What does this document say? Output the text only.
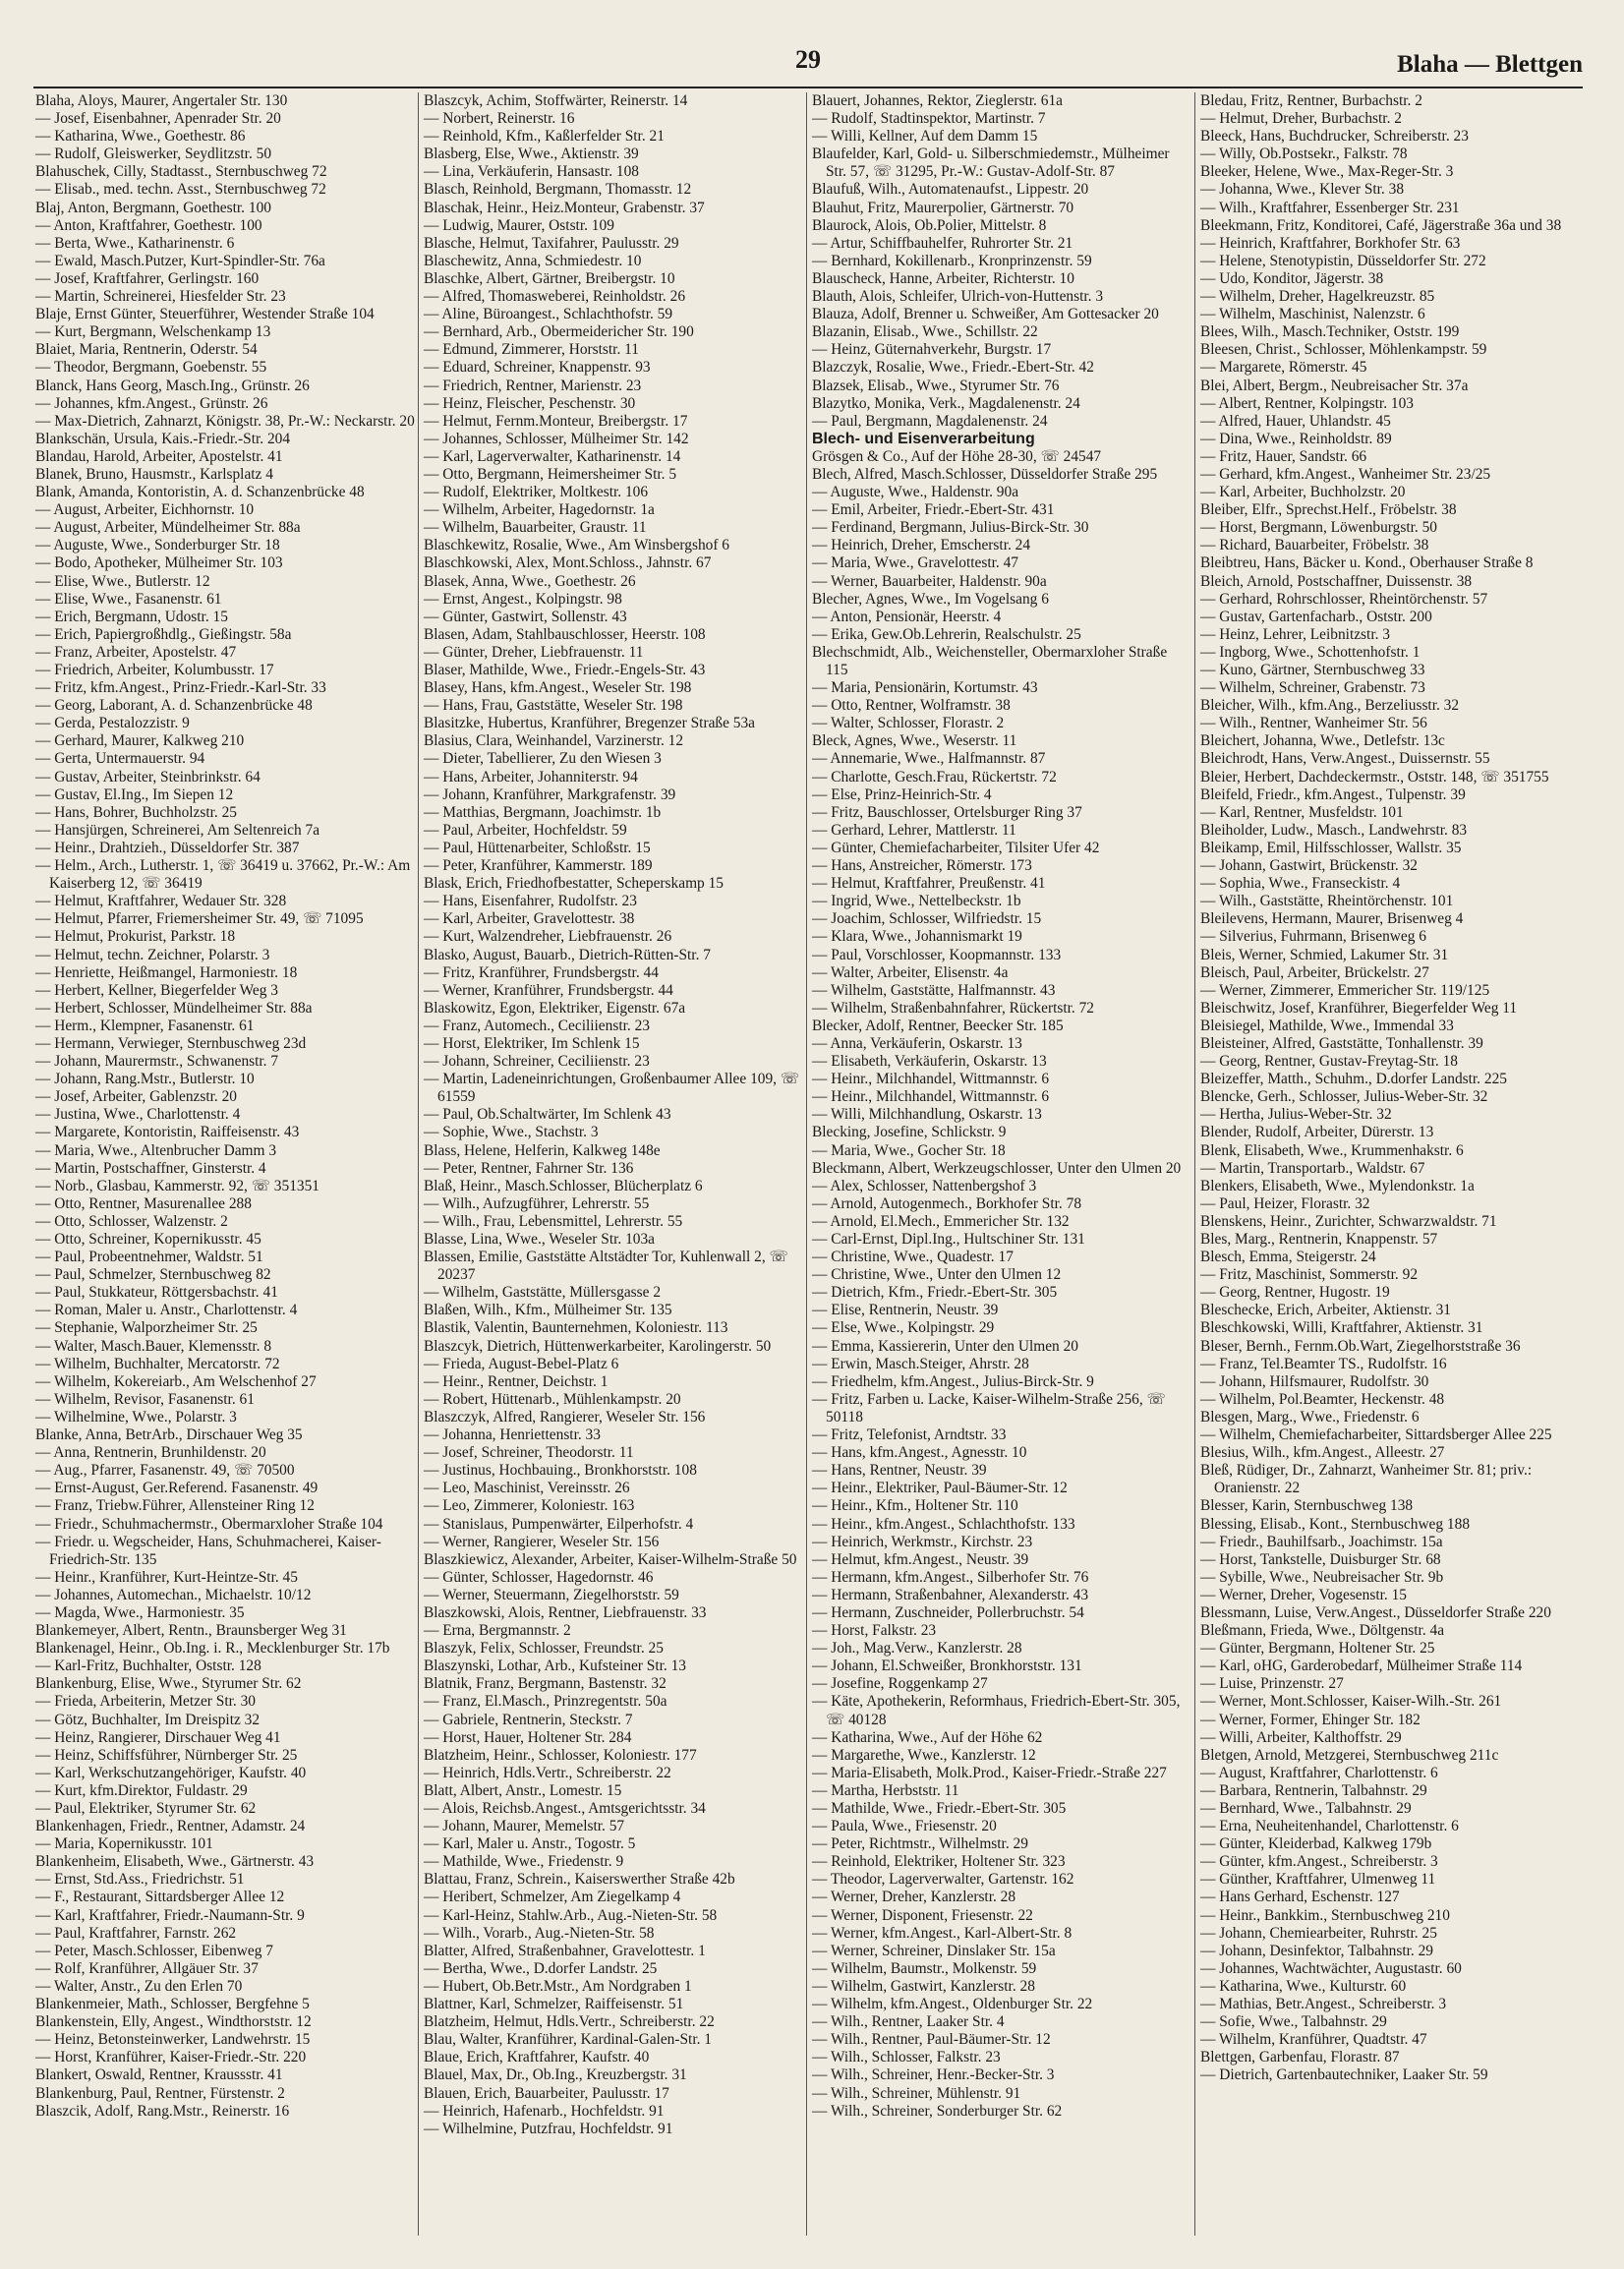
29	Blaha — Blettgen

Blaha, Aloys, Maurer, Angertaler Str. 130

— Josef, Eisenbahner, Apenrader Str. 20

— Katharina, Wwe., Goethestr. 86

— Rudolf, Gleiswerker, Seydlitzstr. 50

Blahuschek, Cilly, Stadtasst., Sternbuschweg 72

— Elisab., med. techn. Asst., Sternbuschweg 72

Blaj, Anton, Bergmann, Goethestr. 100

— Anton, Kraftfahrer, Goethestr. 100

— Berta, Wwe., Katharinenstr. 6

— Ewald, Masch.Putzer, Kurt-Spindler-Str. 76a

— Josef, Kraftfahrer, Gerlingstr. 160

— Martin, Schreinerei, Hiesfelder Str. 23

Blaje, Ernst Günter, Steuerführer, Westender Straße 104

— Kurt, Bergmann, Welschenkamp 13

Blaiet, Maria, Rentnerin, Oderstr. 54

— Theodor, Bergmann, Goebenstr. 55

Blanck, Hans Georg, Masch.Ing., Grünstr. 26

— Johannes, kfm.Angest., Grünstr. 26

— Max-Dietrich, Zahnarzt, Königstr. 38, Pr.-W.: Neckarstr. 20

Blankschän, Ursula, Kais.-Friedr.-Str. 204

Blandau, Harold, Arbeiter, Apostelstr. 41

Blanek, Bruno, Hausmstr., Karlsplatz 4

Blank, Amanda, Kontoristin, A. d. Schanzenbrücke 48

— August, Arbeiter, Eichhornstr. 10

— August, Arbeiter, Mündelheimer Str. 88a

— Auguste, Wwe., Sonderburger Str. 18

— Bodo, Apotheker, Mülheimer Str. 103

— Elise, Wwe., Butlerstr. 12

— Elise, Wwe., Fasanenstr. 61

— Erich, Bergmann, Udostr. 15

— Erich, Papiergroßhdlg., Gießingstr. 58a

— Franz, Arbeiter, Apostelstr. 47

— Friedrich, Arbeiter, Kolumbusstr. 17

— Fritz, kfm.Angest., Prinz-Friedr.-Karl-Str. 33

— Georg, Laborant, A. d. Schanzenbrücke 48

— Gerda, Pestalozzistr. 9

— Gerhard, Maurer, Kalkweg 210

— Gerta, Untermauerstr. 94

— Gustav, Arbeiter, Steinbrinkstr. 64

— Gustav, El.Ing., Im Siepen 12

— Hans, Bohrer, Buchholzstr. 25

— Hansjürgen, Schreinerei, Am Seltenreich 7a

— Heinr., Drahtzieh., Düsseldorfer Str. 387

— Helm., Arch., Lutherstr. 1, ☏ 36419 u. 37662, Pr.-W.: Am Kaiserberg 12, ☏ 36419

— Helmut, Kraftfahrer, Wedauer Str. 328

— Helmut, Pfarrer, Friemersheimer Str. 49, ☏ 71095

— Helmut, Prokurist, Parkstr. 18

— Helmut, techn. Zeichner, Polarstr. 3

— Henriette, Heißmangel, Harmoniestr. 18

— Herbert, Kellner, Biegerfelder Weg 3

— Herbert, Schlosser, Mündelheimer Str. 88a

— Herm., Klempner, Fasanenstr. 61

— Hermann, Verwieger, Sternbuschweg 23d

— Johann, Maurermstr., Schwanenstr. 7

— Johann, Rang.Mstr., Butlerstr. 10

— Josef, Arbeiter, Gablenzstr. 20

— Justina, Wwe., Charlottenstr. 4

— Margarete, Kontoristin, Raiffeisenstr. 43

— Maria, Wwe., Altenbrucher Damm 3

— Martin, Postschaffner, Ginsterstr. 4

— Norb., Glasbau, Kammerstr. 92, ☏ 351351

— Otto, Rentner, Masurenallee 288

— Otto, Schlosser, Walzenstr. 2

— Otto, Schreiner, Kopernikusstr. 45

— Paul, Probeentnehmer, Waldstr. 51

— Paul, Schmelzer, Sternbuschweg 82

— Paul, Stukkateur, Röttgersbachstr. 41

— Roman, Maler u. Anstr., Charlottenstr. 4

— Stephanie, Walporzheimer Str. 25

— Walter, Masch.Bauer, Klemensstr. 8

— Wilhelm, Buchhalter, Mercatorstr. 72

— Wilhelm, Kokereiarb., Am Welschenhof 27

— Wilhelm, Revisor, Fasanenstr. 61

— Wilhelmine, Wwe., Polarstr. 3

Blanke, Anna, BetrArb., Dirschauer Weg 35

— Anna, Rentnerin, Brunhildenstr. 20

— Aug., Pfarrer, Fasanenstr. 49, ☏ 70500

— Ernst-August, Ger.Referend. Fasanenstr. 49

— Franz, Triebw.Führer, Allensteiner Ring 12

— Friedr., Schuhmachermstr., Obermarxloher Straße 104

— Friedr. u. Wegscheider, Hans, Schuhmacherei, Kaiser-Friedrich-Str. 135

— Heinr., Kranführer, Kurt-Heintze-Str. 45

— Johannes, Automechan., Michaelstr. 10/12

— Magda, Wwe., Harmoniestr. 35

Blankemeyer, Albert, Rentn., Braunsberger Weg 31

Blankenagel, Heinr., Ob.Ing. i. R., Mecklenburger Str. 17b

— Karl-Fritz, Buchhalter, Oststr. 128

Blankenburg, Elise, Wwe., Styrumer Str. 62

— Frieda, Arbeiterin, Metzer Str. 30

— Götz, Buchhalter, Im Dreispitz 32

— Heinz, Rangierer, Dirschauer Weg 41

— Heinz, Schiffsführer, Nürnberger Str. 25

— Karl, Werkschutzangehöriger, Kaufstr. 40

— Kurt, kfm.Direktor, Fuldastr. 29

— Paul, Elektriker, Styrumer Str. 62

Blankenhagen, Friedr., Rentner, Adamstr. 24

— Maria, Kopernikusstr. 101

Blankenheim, Elisabeth, Wwe., Gärtnerstr. 43

— Ernst, Std.Ass., Friedrichstr. 51

— F., Restaurant, Sittardsberger Allee 12

— Karl, Kraftfahrer, Friedr.-Naumann-Str. 9

— Paul, Kraftfahrer, Farnstr. 262

— Peter, Masch.Schlosser, Eibenweg 7

— Rolf, Kranführer, Allgäuer Str. 37

— Walter, Anstr., Zu den Erlen 70

Blankenmeier, Math., Schlosser, Bergfehne 5

Blankenstein, Elly, Angest., Windthorststr. 12

— Heinz, Betonsteinwerker, Landwehrstr. 15

— Horst, Kranführer, Kaiser-Friedr.-Str. 220

Blankert, Oswald, Rentner, Kraussstr. 41

Blankenburg, Paul, Rentner, Fürstenstr. 2

Blaszcik, Adolf, Rang.Mstr., Reinerstr. 16

Blaszcyk, Achim, Stoffwärter, Reinerstr. 14

— Norbert, Reinerstr. 16

— Reinhold, Kfm., Kaßlerfelder Str. 21

Blasberg, Else, Wwe., Aktienstr. 39

— Lina, Verkäuferin, Hansastr. 108

Blasch, Reinhold, Bergmann, Thomasstr. 12

Blaschak, Heinr., Heiz.Monteur, Grabenstr. 37

— Ludwig, Maurer, Oststr. 109

Blasche, Helmut, Taxifahrer, Paulusstr. 29

Blaschewitz, Anna, Schmiedestr. 10

Blaschke, Albert, Gärtner, Breibergstr. 10

— Alfred, Thomasweberei, Reinholdstr. 26

— Aline, Büroangest., Schlachthofstr. 59

— Bernhard, Arb., Obermeidericher Str. 190

— Edmund, Zimmerer, Horststr. 11

— Eduard, Schreiner, Knappenstr. 93

— Friedrich, Rentner, Marienstr. 23

— Heinz, Fleischer, Peschenstr. 30

— Helmut, Fernm.Monteur, Breibergstr. 17

— Johannes, Schlosser, Mülheimer Str. 142

— Karl, Lagerverwalter, Katharinenstr. 14

— Otto, Bergmann, Heimersheimer Str. 5

— Rudolf, Elektriker, Moltkestr. 106

— Wilhelm, Arbeiter, Hagedornstr. 1a

— Wilhelm, Bauarbeiter, Graustr. 11

Blaschkewitz, Rosalie, Wwe., Am Winsbergshof 6

Blaschkowski, Alex, Mont.Schloss., Jahnstr. 67

Blasek, Anna, Wwe., Goethestr. 26

— Ernst, Angest., Kolpingstr. 98

— Günter, Gastwirt, Sollenstr. 43

Blasen, Adam, Stahlbauschlosser, Heerstr. 108

— Günter, Dreher, Liebfrauenstr. 11

Blaser, Mathilde, Wwe., Friedr.-Engels-Str. 43

Blasey, Hans, kfm.Angest., Weseler Str. 198

— Hans, Frau, Gaststätte, Weseler Str. 198

Blasitzke, Hubertus, Kranführer, Bregenzer Straße 53a

Blasius, Clara, Weinhandel, Varzinerstr. 12

— Dieter, Tabellierer, Zu den Wiesen 3

— Hans, Arbeiter, Johanniterstr. 94

— Johann, Kranführer, Markgrafenstr. 39

— Matthias, Bergmann, Joachimstr. 1b

— Paul, Arbeiter, Hochfeldstr. 59

— Paul, Hüttenarbeiter, Schloßstr. 15

— Peter, Kranführer, Kammerstr. 189

Blask, Erich, Friedhofbestatter, Scheperskamp 15

— Hans, Eisenfahrer, Rudolfstr. 23

— Karl, Arbeiter, Gravelottestr. 38

— Kurt, Walzendreher, Liebfrauenstr. 26

Blasko, August, Bauarb., Dietrich-Rütten-Str. 7

— Fritz, Kranführer, Frundsbergstr. 44

— Werner, Kranführer, Frundsbergstr. 44

Blaskowitz, Egon, Elektriker, Eigenstr. 67a

— Franz, Automech., Ceciliienstr. 23

— Horst, Elektriker, Im Schlenk 15

— Johann, Schreiner, Ceciliienstr. 23

— Martin, Ladeneinrichtungen, Großenbaumer Allee 109, ☏ 61559

— Paul, Ob.Schaltwärter, Im Schlenk 43

— Sophie, Wwe., Stachstr. 3

Blass, Helene, Helferin, Kalkweg 148e

— Peter, Rentner, Fahrner Str. 136

Blaß, Heinr., Masch.Schlosser, Blücherplatz 6

— Wilh., Aufzugführer, Lehrerstr. 55

— Wilh., Frau, Lebensmittel, Lehrerstr. 55

Blasse, Lina, Wwe., Weseler Str. 103a

Blassen, Emilie, Gaststätte Altstädter Tor, Kuhlenwall 2, ☏ 20237

— Wilhelm, Gaststätte, Müllersgasse 2

Blaßen, Wilh., Kfm., Mülheimer Str. 135

Blastik, Valentin, Baunternehmen, Koloniestr. 113

Blaszcyk, Dietrich, Hüttenwerkarbeiter, Karolingerstr. 50

— Frieda, August-Bebel-Platz 6

— Heinr., Rentner, Deichstr. 1

— Robert, Hüttenarb., Mühlenkampstr. 20

Blaszczyk, Alfred, Rangierer, Weseler Str. 156

— Johanna, Henriettenstr. 33

— Josef, Schreiner, Theodorstr. 11

— Justinus, Hochbauing., Bronkhorststr. 108

— Leo, Maschinist, Vereinsstr. 26

— Leo, Zimmerer, Koloniestr. 163

— Stanislaus, Pumpenwärter, Eilperhofstr. 4

— Werner, Rangierer, Weseler Str. 156

Blaszkiewicz, Alexander, Arbeiter, Kaiser-Wilhelm-Straße 50

— Günter, Schlosser, Hagedornstr. 46

— Werner, Steuermann, Ziegelhorststr. 59

Blaszkowski, Alois, Rentner, Liebfrauenstr. 33

— Erna, Bergmannstr. 2

Blaszyk, Felix, Schlosser, Freundstr. 25

Blaszynski, Lothar, Arb., Kufsteiner Str. 13

Blatnik, Franz, Bergmann, Bastenstr. 32

— Franz, El.Masch., Prinzregentstr. 50a

— Gabriele, Rentnerin, Steckstr. 7

— Horst, Hauer, Holtener Str. 284

Blatzheim, Heinr., Schlosser, Koloniestr. 177

— Heinrich, Hdls.Vertr., Schreiberstr. 22

Blatt, Albert, Anstr., Lomestr. 15

— Alois, Reichsb.Angest., Amtsgerichtsstr. 34

— Johann, Maurer, Memelstr. 57

— Karl, Maler u. Anstr., Togostr. 5

— Mathilde, Wwe., Friedenstr. 9

Blattau, Franz, Schrein., Kaiserswerther Straße 42b

— Heribert, Schmelzer, Am Ziegelkamp 4

— Karl-Heinz, Stahlw.Arb., Aug.-Nieten-Str. 58

— Wilh., Vorarb., Aug.-Nieten-Str. 58

Blatter, Alfred, Straßenbahner, Gravelottestr. 1

— Bertha, Wwe., D.dorfer Landstr. 25

— Hubert, Ob.Betr.Mstr., Am Nordgraben 1

Blattner, Karl, Schmelzer, Raiffeisenstr. 51

Blatzheim, Helmut, Hdls.Vertr., Schreiberstr. 22

Blau, Walter, Kranführer, Kardinal-Galen-Str. 1

Blaue, Erich, Kraftfahrer, Kaufstr. 40

Blauel, Max, Dr., Ob.Ing., Kreuzbergstr. 31

Blauen, Erich, Bauarbeiter, Paulusstr. 17

— Heinrich, Hafenarb., Hochfeldstr. 91

— Wilhelmine, Putzfrau, Hochfeldstr. 91

Blauert, Johannes, Rektor, Zieglerstr. 61a

— Rudolf, Stadtinspektor, Martinstr. 7

— Willi, Kellner, Auf dem Damm 15

Blaufelder, Karl, Gold- u. Silberschmiedemstr., Mülheimer Str. 57, ☏ 31295, Pr.-W.: Gustav-Adolf-Str. 87

Blaufuß, Wilh., Automatenaufst., Lippestr. 20

Blauhut, Fritz, Maurerpolier, Gärtnerstr. 70

Blaurock, Alois, Ob.Polier, Mittelstr. 8

— Artur, Schiffbauhelfer, Ruhrorter Str. 21

— Bernhard, Kokillenarb., Kronprinzenstr. 59

Blauscheck, Hanne, Arbeiter, Richterstr. 10

Blauth, Alois, Schleifer, Ulrich-von-Huttenstr. 3

Blauza, Adolf, Brenner u. Schweißer, Am Gottesacker 20

Blazanin, Elisab., Wwe., Schillstr. 22

— Heinz, Güternahverkehr, Burgstr. 17

Blazczyk, Rosalie, Wwe., Friedr.-Ebert-Str. 42

Blazsek, Elisab., Wwe., Styrumer Str. 76

Blazytko, Monika, Verk., Magdalenenstr. 24

— Paul, Bergmann, Magdalenenstr. 24

Blech- und Eisenverarbeitung

Grösgen & Co., Auf der Höhe 28-30, ☏ 24547

Blech, Alfred, Masch.Schlosser, Düsseldorfer Straße 295

— Auguste, Wwe., Haldenstr. 90a

— Emil, Arbeiter, Friedr.-Ebert-Str. 431

— Ferdinand, Bergmann, Julius-Birck-Str. 30

— Heinrich, Dreher, Emscherstr. 24

— Maria, Wwe., Gravelottestr. 47

— Werner, Bauarbeiter, Haldenstr. 90a

Blecher, Agnes, Wwe., Im Vogelsang 6

— Anton, Pensionär, Heerstr. 4

— Erika, Gew.Ob.Lehrerin, Realschulstr. 25

Blechschmidt, Alb., Weichensteller, Obermarxloher Straße 115

— Maria, Pensionärin, Kortumstr. 43

— Otto, Rentner, Wolframstr. 38

— Walter, Schlosser, Florastr. 2

Bleck, Agnes, Wwe., Weserstr. 11

— Annemarie, Wwe., Halfmannstr. 87

— Charlotte, Gesch.Frau, Rückertstr. 72

— Else, Prinz-Heinrich-Str. 4

— Fritz, Bauschlosser, Ortelsburger Ring 37

— Gerhard, Lehrer, Mattlerstr. 11

— Günter, Chemiefacharbeiter, Tilsiter Ufer 42

— Hans, Anstreicher, Römerstr. 173

— Helmut, Kraftfahrer, Preußenstr. 41

— Ingrid, Wwe., Nettelbeckstr. 1b

— Joachim, Schlosser, Wilfriedstr. 15

— Klara, Wwe., Johannismarkt 19

— Paul, Vorschlosser, Koopmannstr. 133

— Walter, Arbeiter, Elisenstr. 4a

— Wilhelm, Gaststätte, Halfmannstr. 43

— Wilhelm, Straßenbahnfahrer, Rückertstr. 72

Blecker, Adolf, Rentner, Beecker Str. 185

— Anna, Verkäuferin, Oskarstr. 13

— Elisabeth, Verkäuferin, Oskarstr. 13

— Heinr., Milchhandel, Wittmannstr. 6

— Heinr., Milchhandel, Wittmannstr. 6

— Willi, Milchhandlung, Oskarstr. 13

Blecking, Josefine, Schlickstr. 9

— Maria, Wwe., Gocher Str. 18

Bleckmann, Albert, Werkzeugschlosser, Unter den Ulmen 20

— Alex, Schlosser, Nattenbergshof 3

— Arnold, Autogenmech., Borkhofer Str. 78

— Arnold, El.Mech., Emmericher Str. 132

— Carl-Ernst, Dipl.Ing., Hultschiner Str. 131

— Christine, Wwe., Quadestr. 17

— Christine, Wwe., Unter den Ulmen 12

— Dietrich, Kfm., Friedr.-Ebert-Str. 305

— Elise, Rentnerin, Neustr. 39

— Else, Wwe., Kolpingstr. 29

— Emma, Kassiererin, Unter den Ulmen 20

— Erwin, Masch.Steiger, Ahrstr. 28

— Friedhelm, kfm.Angest., Julius-Birck-Str. 9

— Fritz, Farben u. Lacke, Kaiser-Wilhelm-Straße 256, ☏ 50118

— Fritz, Telefonist, Arndtstr. 33

— Hans, kfm.Angest., Agnesstr. 10

— Hans, Rentner, Neustr. 39

— Heinr., Elektriker, Paul-Bäumer-Str. 12

— Heinr., Kfm., Holtener Str. 110

— Heinr., kfm.Angest., Schlachthofstr. 133

— Heinrich, Werkmstr., Kirchstr. 23

— Helmut, kfm.Angest., Neustr. 39

— Hermann, kfm.Angest., Silberhofer Str. 76

— Hermann, Straßenbahner, Alexanderstr. 43

— Hermann, Zuschneider, Pollerbruchstr. 54

— Horst, Falkstr. 23

— Joh., Mag.Verw., Kanzlerstr. 28

— Johann, El.Schweißer, Bronkhorststr. 131

— Josefine, Roggenkamp 27

— Käte, Apothekerin, Reformhaus, Friedrich-Ebert-Str. 305, ☏ 40128

— Katharina, Wwe., Auf der Höhe 62

— Margarethe, Wwe., Kanzlerstr. 12

— Maria-Elisabeth, Molk.Prod., Kaiser-Friedr.-Straße 227

— Martha, Herbststr. 11

— Mathilde, Wwe., Friedr.-Ebert-Str. 305

— Paula, Wwe., Friesenstr. 20

— Peter, Richtmstr., Wilhelmstr. 29

— Reinhold, Elektriker, Holtener Str. 323

— Theodor, Lagerverwalter, Gartenstr. 162

— Werner, Dreher, Kanzlerstr. 28

— Werner, Disponent, Friesenstr. 22

— Werner, kfm.Angest., Karl-Albert-Str. 8

— Werner, Schreiner, Dinslaker Str. 15a

— Wilhelm, Baumstr., Molkenstr. 59

— Wilhelm, Gastwirt, Kanzlerstr. 28

— Wilhelm, kfm.Angest., Oldenburger Str. 22

— Wilh., Rentner, Laaker Str. 4

— Wilh., Rentner, Paul-Bäumer-Str. 12

— Wilh., Schlosser, Falkstr. 23

— Wilh., Schreiner, Henr.-Becker-Str. 3

— Wilh., Schreiner, Mühlenstr. 91

— Wilh., Schreiner, Sonderburger Str. 62

Bledau, Fritz, Rentner, Burbachstr. 2

— Helmut, Dreher, Burbachstr. 2

Bleeck, Hans, Buchdrucker, Schreiberstr. 23

— Willy, Ob.Postsekr., Falkstr. 78

Bleeker, Helene, Wwe., Max-Reger-Str. 3

— Johanna, Wwe., Klever Str. 38

— Wilh., Kraftfahrer, Essenberger Str. 231

Bleekmann, Fritz, Konditorei, Café, Jägerstraße 36a und 38

— Heinrich, Kraftfahrer, Borkhofer Str. 63

— Helene, Stenotypistin, Düsseldorfer Str. 272

— Udo, Konditor, Jägerstr. 38

— Wilhelm, Dreher, Hagelkreuzstr. 85

— Wilhelm, Maschinist, Nalenzstr. 6

Blees, Wilh., Masch.Techniker, Oststr. 199

Bleesen, Christ., Schlosser, Möhlenkampstr. 59

— Margarete, Römerstr. 45

Blei, Albert, Bergm., Neubreisacher Str. 37a

— Albert, Rentner, Kolpingstr. 103

— Alfred, Hauer, Uhlandstr. 45

— Dina, Wwe., Reinholdstr. 89

— Fritz, Hauer, Sandstr. 66

— Gerhard, kfm.Angest., Wanheimer Str. 23/25

— Karl, Arbeiter, Buchholzstr. 20

Bleiber, Elfr., Sprechst.Helf., Fröbelstr. 38

— Horst, Bergmann, Löwenburgstr. 50

— Richard, Bauarbeiter, Fröbelstr. 38

Bleibtreu, Hans, Bäcker u. Kond., Oberhauser Straße 8

Bleich, Arnold, Postschaffner, Duissenstr. 38

— Gerhard, Rohrschlosser, Rheintörchenstr. 57

— Gustav, Gartenfacharb., Oststr. 200

— Heinz, Lehrer, Leibnitzstr. 3

— Ingborg, Wwe., Schottenhofstr. 1

— Kuno, Gärtner, Sternbuschweg 33

— Wilhelm, Schreiner, Grabenstr. 73

Bleicher, Wilh., kfm.Ang., Berzeliusstr. 32

— Wilh., Rentner, Wanheimer Str. 56

Bleichert, Johanna, Wwe., Detlefstr. 13c

Bleichrodt, Hans, Verw.Angest., Duissernstr. 55

Bleier, Herbert, Dachdeckermstr., Oststr. 148, ☏ 351755

Bleifeld, Friedr., kfm.Angest., Tulpenstr. 39

— Karl, Rentner, Musfeldstr. 101

Bleiholder, Ludw., Masch., Landwehrstr. 83

Bleikamp, Emil, Hilfsschlosser, Wallstr. 35

— Johann, Gastwirt, Brückenstr. 32

— Sophia, Wwe., Franseckistr. 4

— Wilh., Gaststätte, Rheintörchenstr. 101

Bleilevens, Hermann, Maurer, Brisenweg 4

— Silverius, Fuhrmann, Brisenweg 6

Bleis, Werner, Schmied, Lakumer Str. 31

Bleisch, Paul, Arbeiter, Brückelstr. 27

— Werner, Zimmerer, Emmericher Str. 119/125

Bleischwitz, Josef, Kranführer, Biegerfelder Weg 11

Bleisiegel, Mathilde, Wwe., Immendal 33

Bleisteiner, Alfred, Gaststätte, Tonhallenstr. 39

— Georg, Rentner, Gustav-Freytag-Str. 18

Bleizeffer, Matth., Schuhm., D.dorfer Landstr. 225

Blencke, Gerh., Schlosser, Julius-Weber-Str. 32

— Hertha, Julius-Weber-Str. 32

Blender, Rudolf, Arbeiter, Dürerstr. 13

Blenk, Elisabeth, Wwe., Krummenhakstr. 6

— Martin, Transportarb., Waldstr. 67

Blenkers, Elisabeth, Wwe., Mylendonkstr. 1a

— Paul, Heizer, Florastr. 32

Blenskens, Heinr., Zurichter, Schwarzwaldstr. 71

Bles, Marg., Rentnerin, Knappenstr. 57

Blesch, Emma, Steigerstr. 24

— Fritz, Maschinist, Sommerstr. 92

— Georg, Rentner, Hugostr. 19

Bleschecke, Erich, Arbeiter, Aktienstr. 31

Bleschkowski, Willi, Kraftfahrer, Aktienstr. 31

Bleser, Bernh., Fernm.Ob.Wart, Ziegelhorststraße 36

— Franz, Tel.Beamter TS., Rudolfstr. 16

— Johann, Hilfsmaurer, Rudolfstr. 30

— Wilhelm, Pol.Beamter, Heckenstr. 48

Blesgen, Marg., Wwe., Friedenstr. 6

— Wilhelm, Chemiefacharbeiter, Sittardsberger Allee 225

Blesius, Wilh., kfm.Angest., Alleestr. 27

Bleß, Rüdiger, Dr., Zahnarzt, Wanheimer Str. 81; priv.: Oranienstr. 22

Blesser, Karin, Sternbuschweg 138

Blessing, Elisab., Kont., Sternbuschweg 188

— Friedr., Bauhilfsarb., Joachimstr. 15a

— Horst, Tankstelle, Duisburger Str. 68

— Sybille, Wwe., Neubreisacher Str. 9b

— Werner, Dreher, Vogesenstr. 15

Blessmann, Luise, Verw.Angest., Düsseldorfer Straße 220

Bleßmann, Frieda, Wwe., Döltgenstr. 4a

— Günter, Bergmann, Holtener Str. 25

— Karl, oHG, Garderobedarf, Mülheimer Straße 114

— Luise, Prinzenstr. 27

— Werner, Mont.Schlosser, Kaiser-Wilh.-Str. 261

— Werner, Former, Ehinger Str. 182

— Willi, Arbeiter, Kalthoffstr. 29

Bletgen, Arnold, Metzgerei, Sternbuschweg 211c

— August, Kraftfahrer, Charlottenstr. 6

— Barbara, Rentnerin, Talbahnstr. 29

— Bernhard, Wwe., Talbahnstr. 29

— Erna, Neuheitenhandel, Charlottenstr. 6

— Günter, Kleiderbad, Kalkweg 179b

— Günter, kfm.Angest., Schreiberstr. 3

— Günther, Kraftfahrer, Ulmenweg 11

— Hans Gerhard, Eschenstr. 127

— Heinr., Bankkim., Sternbuschweg 210

— Johann, Chemiearbeiter, Ruhrstr. 25

— Johann, Desinfektor, Talbahnstr. 29

— Johannes, Wachtwächter, Augustastr. 60

— Katharina, Wwe., Kulturstr. 60

— Mathias, Betr.Angest., Schreiberstr. 3

— Sofie, Wwe., Talbahnstr. 29

— Wilhelm, Kranführer, Quadtstr. 47

Blettgen, Garbenfau, Florastr. 87

— Dietrich, Gartenbautechniker, Laaker Str. 59
